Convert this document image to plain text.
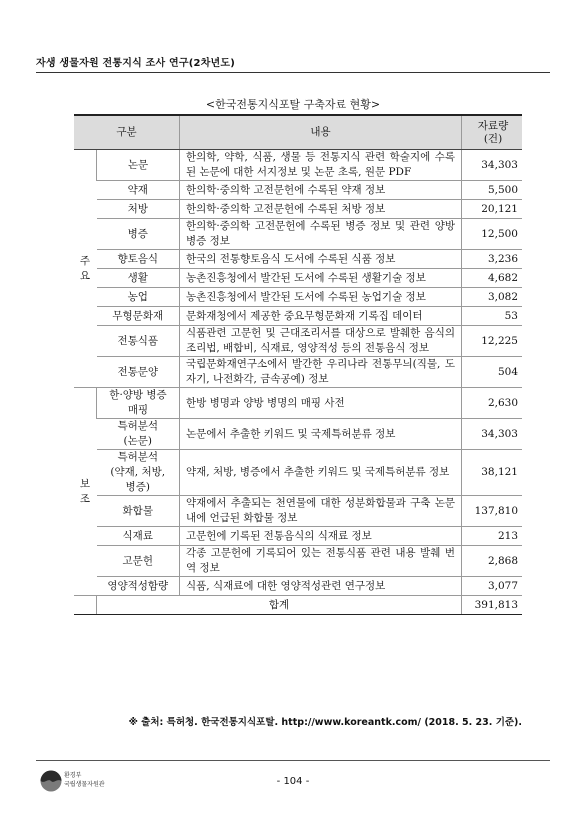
자생 생물자원 전통지식 조사 연구(2차년도)
<한국전통지식포탈 구축자료 현황>
구분		내용	자료량
(건)
주
요	논문	한의학, 약학, 식품, 생물 등 전통지식 관련 학술지에 수록된 논문에 대한 서지정보 및 논문 초록, 원문 PDF	34,303
	약재	한의학·중의학 고전문헌에 수록된 약재 정보	5,500
	처방	한의학·중의학 고전문헌에 수록된 처방 정보	20,121
	병증	한의학·중의학 고전문헌에 수록된 병증 정보 및 관련 양방 병증 정보	12,500
	향토음식	한국의 전통향토음식 도서에 수록된 식품 정보	3,236
	생활	농촌진흥청에서 발간된 도서에 수록된 생활기술 정보	4,682
	농업	농촌진흥청에서 발간된 도서에 수록된 농업기술 정보	3,082
	무형문화재	문화재청에서 제공한 중요무형문화재 기록집 데이터	53
	전통식품	식품관련 고문헌 및 근대조리서를 대상으로 발췌한 음식의 조리법, 배합비, 식재료, 영양적성 등의 전통음식 정보	12,225
	전통문양	국립문화재연구소에서 발간한 우리나라 전통무늬(직물, 도자기, 나전화각, 금속공예) 정보	504
보
조	한·양방 병증
매핑	한방 병명과 양방 병명의 매핑 사전	2,630
	특허분석
(논문)	논문에서 추출한 키워드 및 국제특허분류 정보	34,303
	특허분석
(약재, 처방,
병증)	약재, 처방, 병증에서 추출한 키워드 및 국제특허분류 정보	38,121
	화합물	약재에서 추출되는 천연물에 대한 성분화합물과 구축 논문 내에 언급된 화합물 정보	137,810
	식재료	고문헌에 기록된 전통음식의 식재료 정보	213
	고문헌	각종 고문헌에 기록되어 있는 전통식품 관련 내용 발췌 번역 정보	2,868
	영양적성함량	식품, 식재료에 대한 영양적성관련 연구정보	3,077
	합계		391,813
※ 출처: 특허청. 한국전통지식포탈. http://www.koreantk.com/ (2018. 5. 23. 기준).
환경부
국립생물자원관	- 104 -
